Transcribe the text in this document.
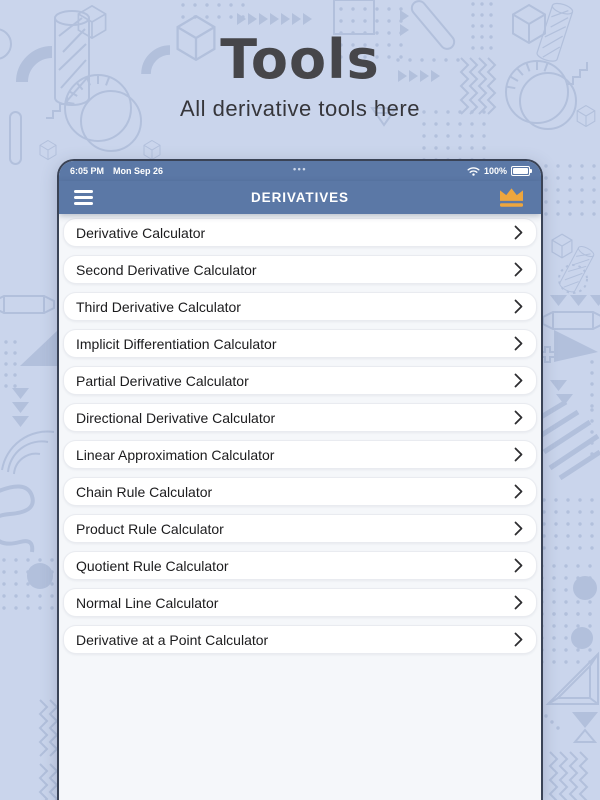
Tools

All derivative tools here

6:05 PM Mon Sep 26	•••	100%
DERIVATIVES
Derivative Calculator
Second Derivative Calculator
Third Derivative Calculator
Implicit Differentiation Calculator
Partial Derivative Calculator
Directional Derivative Calculator
Linear Approximation Calculator
Chain Rule Calculator
Product Rule Calculator
Quotient Rule Calculator
Normal Line Calculator
Derivative at a Point Calculator
